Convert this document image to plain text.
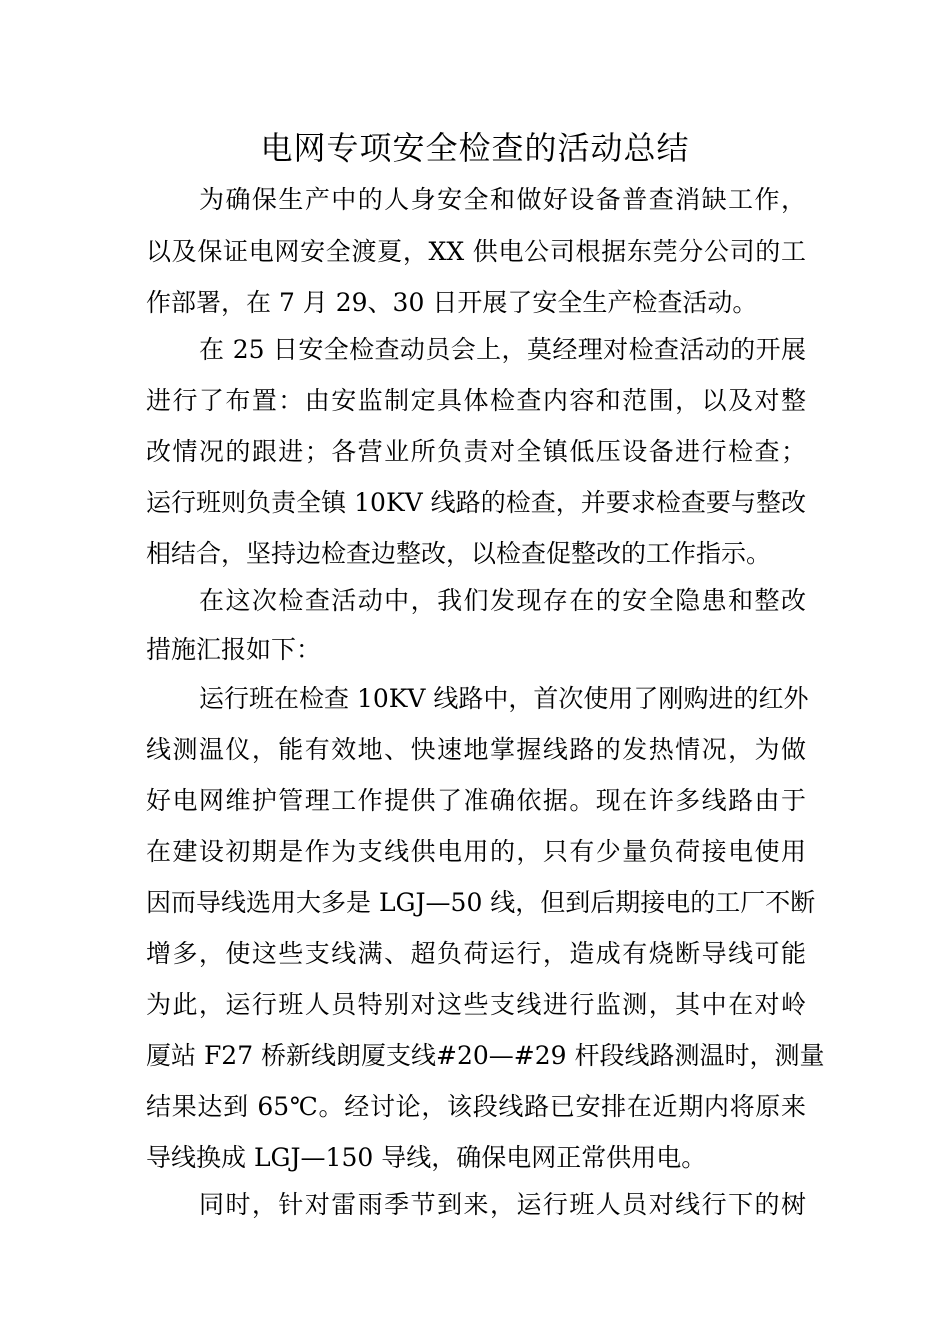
电网专项安全检查的活动总结
为确保生产中的人身安全和做好设备普查消缺工作，
以及保证电网安全渡夏，XX 供电公司根据东莞分公司的工
作部署，在 7 月 29、30 日开展了安全生产检查活动。
在 25 日安全检查动员会上，莫经理对检查活动的开展
进行了布置：由安监制定具体检查内容和范围，以及对整
改情况的跟进；各营业所负责对全镇低压设备进行检查；
运行班则负责全镇 10KV 线路的检查，并要求检查要与整改
相结合，坚持边检查边整改，以检查促整改的工作指示。
在这次检查活动中，我们发现存在的安全隐患和整改
措施汇报如下：
运行班在检查 10KV 线路中，首次使用了刚购进的红外
线测温仪，能有效地、快速地掌握线路的发热情况，为做
好电网维护管理工作提供了准确依据。现在许多线路由于
在建设初期是作为支线供电用的，只有少量负荷接电使用
因而导线选用大多是 LGJ—50 线，但到后期接电的工厂不断
增多，使这些支线满、超负荷运行，造成有烧断导线可能
为此，运行班人员特别对这些支线进行监测，其中在对岭
厦站 F27 桥新线朗厦支线#20—#29 杆段线路测温时，测量
结果达到 65℃。经讨论，该段线路已安排在近期内将原来
导线换成 LGJ—150 导线，确保电网正常供用电。
同时，针对雷雨季节到来，运行班人员对线行下的树
